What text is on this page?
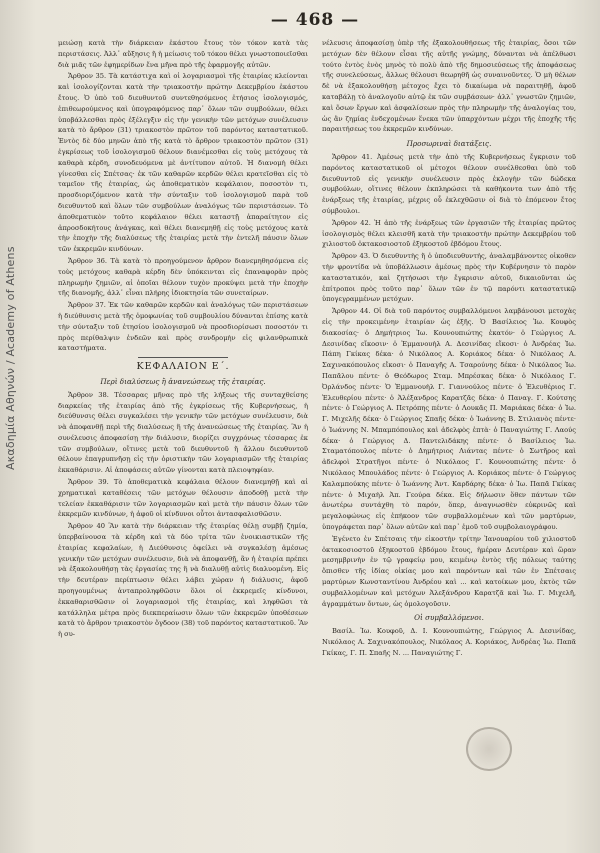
Ακαδημία Αθηνών / Academy of Athens
— 468 —

μειώσῃ κατὰ τὴν διάρκειαν ἑκάστου ἔτους τὸν τόκον κατὰ τὰς περιστάσεις. Ἀλλ᾽ αὔξησις ἢ ἡ μείωσις τοῦ τόκου θέλει γνωστοποιεῖσθαι διὰ μιᾶς τῶν ἐφημερίδων ἕνα μῆνα πρὸ τῆς ἐφαρμογῆς αὐτῶν.

Ἄρθρον 35. Τὰ κατάστιχα καὶ οἱ λογαριασμοὶ τῆς ἑταιρίας κλείονται καὶ ἰσολογίζονται κατὰ τὴν τριακοστὴν πρώτην Δεκεμβρίου ἑκάστου ἔτους. Ὁ ὑπὸ τοῦ διευθυντοῦ συντεθησόμενος ἐτήσιος ἰσολογισμός, ἐπιθεωρούμενος καὶ ὑπογραφόμενος παρ᾽ ὅλων τῶν συμβούλων, θέλει ὑποβάλλεσθαι πρὸς ἐξέλεγξιν εἰς τὴν γενικὴν τῶν μετόχων συνέλευσιν κατὰ τὸ ἄρθρον (31) τριακοστὸν πρῶτον τοῦ παρόντος καταστατικοῦ. Ἐντὸς δὲ δύο μηνῶν ἀπὸ τῆς κατὰ τὸ ἄρθρον τριακοστὸν πρῶτον (31) ἐγκρίσεως τοῦ ἰσολογισμοῦ θέλουν διανέμεσθαι εἰς τοὺς μετόχους τὰ καθαρὰ κέρδη, συνοδευόμενα μὲ ἀντίτυπον αὐτοῦ. Ἡ διανομὴ θέλει γίνεσθαι εἰς Σπέτσας· ἐκ τῶν καθαρῶν κερδῶν θέλει κρατεῖσθαι εἰς τὸ ταμεῖον τῆς ἑταιρίας, ὡς ἀποθεματικὸν κεφάλαιον, ποσοστὸν τι, προσδιοριζόμενον κατὰ τὴν σύνταξιν τοῦ ἰσολογισμοῦ παρὰ τοῦ διευθυντοῦ καὶ ὅλων τῶν συμβούλων ἀναλόγως τῶν περιστάσεων. Τὸ ἀποθεματικὸν τοῦτο κεφάλαιον θέλει καταστῇ ἀπαραίτητον εἰς ἀπροσδοκήτους ἀνάγκας, καὶ θέλει διανεμηθῇ εἰς τοὺς μετόχους κατὰ τὴν ἐποχὴν τῆς διαλύσεως τῆς ἑταιρίας μετὰ τὴν ἐντελῆ πάυσιν ὅλων τῶν ἐκκρεμῶν κινδύνων.

Ἄρθρον 36. Τὰ κατὰ τὸ προηγούμενον ἄρθρον διανεμηθησόμενα εἰς τοὺς μετόχους καθαρὰ κέρδη δὲν ὑπόκεινται εἰς ἐπαναφορὰν πρὸς πληρωμὴν ζημιῶν, αἱ ὁποῖαι θέλουν τυχὸν προκύψει μετὰ τὴν ἐποχὴν τῆς διανομῆς, ἀλλ᾽ εἶναι πλήρης ἰδιοκτησία τῶν συνεταίρων.

Ἄρθρον 37. Ἐκ τῶν καθαρῶν κερδῶν καὶ ἀναλόγως τῶν περιστάσεων ἡ διεύθυνσις μετὰ τῆς ὁμοφωνίας τοῦ συμβουλίου δύνανται ἐπίσης κατὰ τὴν σύνταξιν τοῦ ἐτησίου ἰσολογισμοῦ νὰ προσδιορίσωσι ποσοστόν τι πρὸς περίθαλψιν ἐνδεῶν καὶ πρὸς συνδρομὴν εἰς φιλανθρωπικὰ καταστήματα.

ΚΕΦΑΛΑΙΟΝ Ε΄.

Περὶ διαλύσεως ἢ ἀνανεώσεως τῆς ἑταιρίας.

Ἄρθρον 38. Τέσσαρας μῆνας πρὸ τῆς λήξεως τῆς συνταχθείσης διαρκείας τῆς ἑταιρίας ἀπὸ τῆς ἐγκρίσεως τῆς Κυβερνήσεως, ἡ διεύθυνσις θέλει συγκαλέσει τὴν γενικὴν τῶν μετόχων συνέλευσιν, διὰ νὰ ἀποφανθῇ περὶ τῆς διαλύσεως ἢ τῆς ἀνανεώσεως τῆς ἑταιρίας. Ἂν ἡ συνέλευσις ἀποφασίσῃ τὴν διάλυσιν, διορίζει συγχρόνως τέσσαρας ἐκ τῶν συμβούλων, οἵτινες μετὰ τοῦ διευθυντοῦ ἢ ἄλλου διευθυντοῦ θέλουν ἐπαγρυπνῆσῃ εἰς τὴν ὁριστικὴν τῶν λογαριασμῶν τῆς ἑταιρίας ἐκκαθάρισιν. Αἱ ἀποφάσεις αὐτῶν γίνονται κατὰ πλειοψηφίαν.

Ἄρθρον 39. Τὸ ἀποθεματικὰ κεφάλαια θέλουν διανεμηθῇ καὶ αἱ χρηματικαὶ καταθέσεις τῶν μετόχων θέλουσιν ἀποδοθῇ μετὰ τὴν τελείαν ἐκκαθάρισιν τῶν λογαριασμῶν καὶ μετὰ τὴν πάυσιν ὅλων τῶν ἐκκρεμῶν κινδύνων, ἡ ἀφοῦ οἱ κίνδυνοι οὗτοι ἀντασφαλισθῶσιν.

Ἄρθρον 40 Ἂν κατὰ τὴν διάρκειαν τῆς ἑταιρίας θέλῃ συμβῇ ζημία, ὑπερβαίνουσα τὰ κέρδη καὶ τὰ δύο τρίτα τῶν ἐνοικιαστικῶν τῆς ἑταιρίας κεφαλαίων, ἡ Διεύθυνσις ὀφείλει νὰ συγκαλέσῃ ἀμέσως γενικὴν τῶν μετόχων συνέλευσιν, διὰ νὰ ἀποφανθῇ, ἂν ἡ ἑταιρία πρέπει νὰ ἐξακολουθήσῃ τὰς ἐργασίας της ἢ νὰ διαλυθῇ αὐτὶς διαλυομένη. Εἰς τὴν δευτέραν περίπτωσιν θέλει λάβει χώραν ἡ διάλυσις, ἀφοῦ προηγουμένως ἀνταπροληφθῶσιν ὅλοι οἱ ἐκκρεμεῖς κίνδυνοι, ἐκκαθαρισθῶσιν οἱ λογαριασμοὶ τῆς ἑταιρίας, καὶ ληφθῶσι τὰ κατάλληλα μέτρα πρὸς διεκπεραίωσιν ὅλων τῶν ἐκκρεμῶν ὑποθέσεων κατὰ τὸ ἄρθρον τριακοστὸν ὄγδοον (38) τοῦ παρόντος καταστατικοῦ. Ἂν ἡ συ-

νέλευσις ἀποφασίσῃ ὑπὲρ τῆς ἐξακολουθήσεως τῆς ἑταιρίας, ὅσοι τῶν μετόχων δὲν θέλουν εἶσαι τῆς αὐτῆς γνώμης, δύνανται νὰ ἀπέλθωσι τούτο ἐντὸς ἑνὸς μηνὸς τὸ πολὺ ἀπὸ τῆς δημοσιεύσεως τῆς ἀποφάσεως τῆς συνελεύσεως, ἄλλως θέλουσι θεωρηθῆ ὡς συναινοῦντες. Ὁ μὴ θέλων δὲ νὰ ἐξακολουθήσῃ μέτοχος ἔχει τὸ δικαίωμα νὰ παραιτηθῇ, ἀφοῦ καταβάλῃ τὸ ἀναλογοῦν αὐτῷ ἐκ τῶν συμβάσεων· ἀλλ᾽ γνωστῶν ζημιῶν, καὶ ὅσων ἔργων καὶ ἀσφαλίσεων πρὸς τὴν πληρωμὴν τῆς ἀναλογίας του, ὡς ἂν ζημίας ἐνδεχομένων ἕνεκα τῶν ὑπαρχόντων μέχρι τῆς ἐποχῆς τῆς παραιτήσεως του ἐκκρεμῶν κινδύνων.

Προσωριναὶ διατάξεις.

Ἄρθρον 41. Ἀμέσως μετὰ τὴν ἀπὸ τῆς Κυβερνήσεως ἔγκρισιν τοῦ παρόντος καταστατικοῦ οἱ μέτοχοι θέλουν συνέλθεσθαι ὑπὸ τοῦ διευθυντοῦ εἰς γενικὴν συνέλευσιν πρὸς ἐκλογὴν τῶν δώδεκα συμβούλων, οἵτινες θέλουν ἐκπληρώσει τὰ καθήκοντα των ἀπὸ τῆς ἐνάρξεως τῆς ἑταιρίας, μέχρις οὗ ἐκλεχθῶσιν οἱ διὰ τὸ ἐπόμενον ἔτος σύμβουλοι.

Ἄρθρον 42. Ἡ ἀπὸ τῆς ἐνάρξεως τῶν ἐργασιῶν τῆς ἑταιρίας πρῶτος ἰσολογισμὸς θέλει κλεισθῆ κατὰ τὴν τριακοστὴν πρώτην Δεκεμβρίου τοῦ χιλιοστοῦ ὀκτακοσιοστοῦ ἑξηκοστοῦ ἑβδόμου ἔτους.

Ἄρθρον 43. Ὁ διευθυντὴς ἢ ὁ ὑποδιευθυντής, ἀναλαμβάνοντες οἰκοθεν τὴν φροντίδα νὰ ὑποβάλλωσιν ἀμέσως πρὸς τὴν Κυβέρνησιν τὸ παρὸν καταστατικόν, καὶ ζητήσωσι τὴν ἔγκρισιν αὐτοῦ, δικαιοῦνται ὡς ἐπίτροποι πρὸς τοῦτο παρ᾽ ὅλων τῶν ἐν τῷ παρόντι καταστατικῷ ὑπογεγραμμένων μετόχων.

Ἄρθρον 44. Οἱ διὰ τοῦ παρόντος συμβαλλόμενοι λαμβάνουσι μετοχὰς εἰς τὴν προκειμένην ἑταιρίαν ὡς ἐξῆς. Ὁ Βασίλειος Ἰω. Κουφὸς διακοσίας· ὁ Δημήτριος Ἰω. Κουνουπιώτης ἑκατόν· ὁ Γεώργιος Α. Δεσινίδας εἴκοσιν· ὁ Ἐμμανουὴλ Α. Δεσινίδας εἴκοσι· ὁ Ἀνδρέας Ἰω. Πάπη Γκίκας δέκα· ὁ Νικόλαος Α. Κοριάκος δέκα· ὁ Νικόλαος Α. Σαχινακόπουλος εἴκοσι· ὁ Παναγῆς Α. Τσαρούνης δέκα· ὁ Νικόλαος Ἰω. Παπᾶλου πέντε· ὁ Θεόδωρος Σταμ. Μπρέσκας δέκα· ὁ Νικόλαος Γ. Ὀρλάνδος πέντε· Ὁ Ἐμμανουὴλ Γ. Γιαννούλος πέντε· ὁ Ἐλευθέριος Γ. Ἐλευθερίου πέντε· ὁ Ἀλέξανδρος Καρατζᾶς δέκα· ὁ Παναγ. Γ. Κούτσης πέντε· ὁ Γεώργιος Α. Πετρόπης πέντε· ὁ Λουκᾶς Π. Μαριάκας δέκα· ὁ Ἰω. Γ. Μιχελῆς δέκα· ὁ Γεώργιος Σπαῆς δέκα· ὁ Ἰωάννης Β. Στιλιανὸς πέντε· ὁ Ἰωάννης Ν. Μπαμπόπουλος καὶ ἀδελφὸς ἑπτὰ· ὁ Παναγιώτης Γ. Λαούς δέκα· ὁ Γεώργιος Δ. Παντελιδάκης πέντε· ὁ Βασίλειος Ἰω. Σταματόπουλος πέντε· ὁ Δημήτριος Λιάντας πέντε· ὁ Σωτῆρος καὶ ἀδελφοὶ Στρατῆγοι πέντε· ὁ Νικόλαος Γ. Κουνουπιώτης πέντε· ὁ Νικόλαος Μπουλάδος πέντε· ὁ Γεώργιος Α. Κοριάκος πέντε· ὁ Γεώργιος Καλαμπούκης πέντε· ὁ Ἰωάννης Ἀντ. Καρδάρης δέκα· ὁ Ἰω. Παπᾶ Γκίκας πέντε· ὁ Μιχαὴλ Ἀπ. Γεούρα δέκα. Εἰς δήλωσιν ὅθεν πάντων τῶν ἀνωτέρω συντάχθη τὸ παρόν, ὅπερ, ἀναγνωσθὲν εὐκρινῶς καὶ μεγαλοφώνως εἰς ἐπήκοον τῶν συμβαλλομένων καὶ τῶν μαρτύρων, ὑπογράφεται παρ᾽ ὅλων αὐτῶν καὶ παρ᾽ ἐμοῦ τοῦ συμβολαιογράφου.

Ἐγένετο ἐν Σπέτσαις τὴν εἰκοστὴν τρίτην Ἰανουαρίου τοῦ χιλιοστοῦ ὀκτακοσιοστοῦ ἑξηκοστοῦ ἑβδόμου ἔτους, ἡμέραν Δευτέραν καὶ ὥραν μεσημβρινὴν ἐν τῷ γραφείῳ μου, κειμένῳ ἐντὸς τῆς πόλεως ταύτης ὄπισθεν τῆς ἰδίας οἰκίας μου καὶ παρόντων καὶ τῶν ἐν Σπέτσαις μαρτύρων Κωνσταντίνου Ἀνδρέου καὶ ... καὶ κατοίκων μου, ἐκτὸς τῶν συμβαλλομένων καὶ μετόχων Ἀλεξάνδρου Καρατζᾶ καὶ Ἰω. Γ. Μιχελῆ, ἀγραμμάτων ὄντων, ὡς ὁμολογοῦσιν.

Οἱ συμβαλλόμενοι.

Βασίλ. Ἰω. Κουφοῦ, Δ. Ι. Κουνουπιώτης, Γεώργιος Α. Δεσινίδας, Νικόλαος Α. Σαχινακόπουλος, Νικόλαος Α. Κοριάκος, Ἀνδρέας Ἰω. Παπᾶ Γκίκας, Γ. Π. Σπαῆς Ν. ... Παναγιώτης Γ.
